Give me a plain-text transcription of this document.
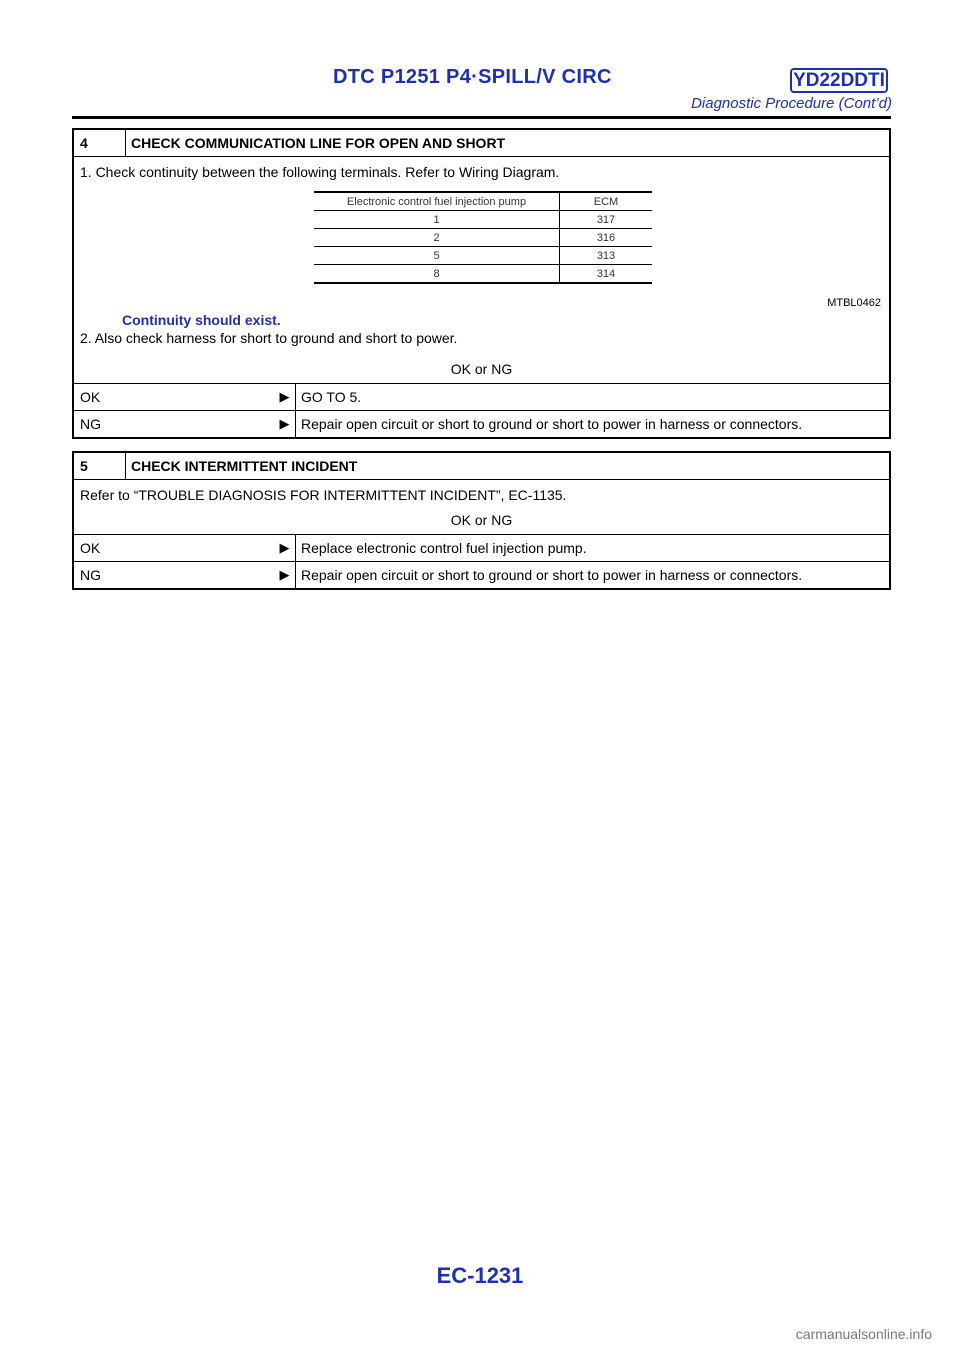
DTC P1251 P4·SPILL/V CIRC	YD22DDTI
Diagnostic Procedure (Cont’d)
4	CHECK COMMUNICATION LINE FOR OPEN AND SHORT
1. Check continuity between the following terminals. Refer to Wiring Diagram.
Electronic control fuel injection pump	ECM
1	317
2	316
5	313
8	314
MTBL0462
Continuity should exist.
2. Also check harness for short to ground and short to power.
OK or NG
OK	▶ GO TO 5.
NG	▶ Repair open circuit or short to ground or short to power in harness or connectors.
5	CHECK INTERMITTENT INCIDENT
Refer to “TROUBLE DIAGNOSIS FOR INTERMITTENT INCIDENT”, EC-1135.
OK or NG
OK	▶ Replace electronic control fuel injection pump.
NG	▶ Repair open circuit or short to ground or short to power in harness or connectors.
EC-1231
carmanualsonline.info
